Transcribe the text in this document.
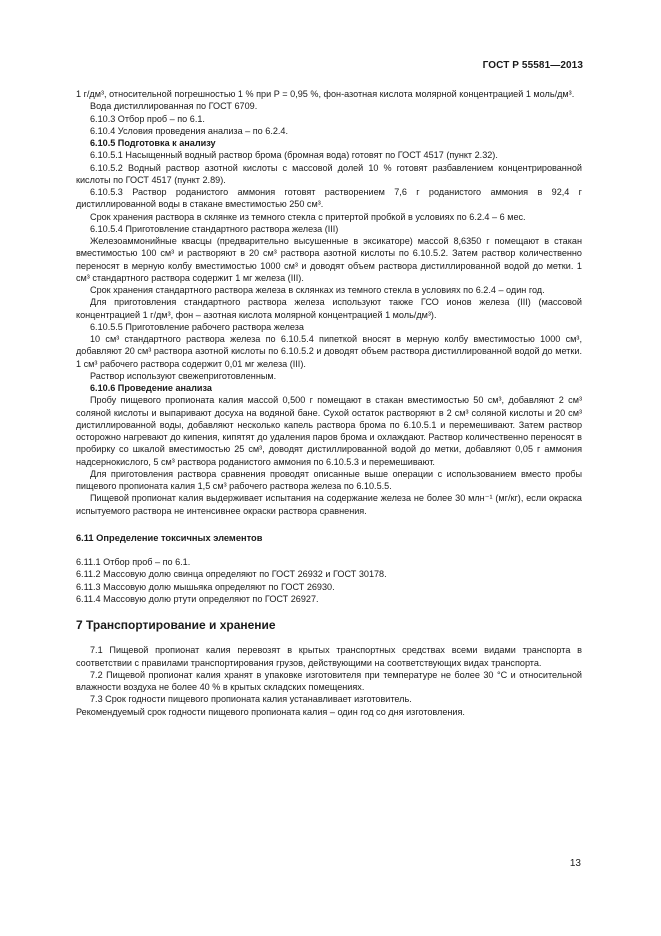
ГОСТ Р 55581—2013

1 г/дм³, относительной погрешностью 1 % при Р = 0,95 %, фон-азотная кислота молярной концентрацией 1 моль/дм³.

Вода дистиллированная по ГОСТ 6709.

6.10.3 Отбор проб – по 6.1.

6.10.4 Условия проведения анализа – по 6.2.4.

6.10.5 Подготовка к анализу

6.10.5.1 Насыщенный водный раствор брома (бромная вода) готовят по ГОСТ 4517 (пункт 2.32).

6.10.5.2 Водный раствор азотной кислоты с массовой долей 10 % готовят разбавлением концентрированной кислоты по ГОСТ 4517 (пункт 2.89).

6.10.5.3 Раствор роданистого аммония готовят растворением 7,6 г роданистого аммония в 92,4 г дистиллированной воды в стакане вместимостью 250 см³.

Срок хранения раствора в склянке из темного стекла с притертой пробкой в условиях по 6.2.4 – 6 мес.

6.10.5.4 Приготовление стандартного раствора железа (III)

Железоаммонийные квасцы (предварительно высушенные в эксикаторе) массой 8,6350 г помещают в стакан вместимостью 100 см³ и растворяют в 20 см³ раствора азотной кислоты по 6.10.5.2. Затем раствор количественно переносят в мерную колбу вместимостью 1000 см³ и доводят объем раствора дистиллированной водой до метки. 1 см³ стандартного раствора содержит 1 мг железа (III).

Срок хранения стандартного раствора железа в склянках из темного стекла в условиях по 6.2.4 – один год.

Для приготовления стандартного раствора железа используют также ГСО ионов железа (III) (массовой концентрацией 1 г/дм³, фон – азотная кислота молярной концентрацией 1 моль/дм³).

6.10.5.5 Приготовление рабочего раствора железа

10 см³ стандартного раствора железа по 6.10.5.4 пипеткой вносят в мерную колбу вместимостью 1000 см³, добавляют 20 см³ раствора азотной кислоты по 6.10.5.2 и доводят объем раствора дистиллированной водой до метки. 1 см³ рабочего раствора содержит 0,01 мг железа (III).

Раствор используют свежеприготовленным.

6.10.6 Проведение анализа

Пробу пищевого пропионата калия массой 0,500 г помещают в стакан вместимостью 50 см³, добавляют 2 см³ соляной кислоты и выпаривают досуха на водяной бане. Сухой остаток растворяют в 2 см³ соляной кислоты и 20 см³ дистиллированной воды, добавляют несколько капель раствора брома по 6.10.5.1 и перемешивают. Затем раствор осторожно нагревают до кипения, кипятят до удаления паров брома и охлаждают. Раствор количественно переносят в пробирку со шкалой вместимостью 25 см³, доводят дистиллированной водой до метки, добавляют 0,05 г аммония надсернокислого, 5 см³ раствора роданистого аммония по 6.10.5.3 и перемешивают.

Для приготовления раствора сравнения проводят описанные выше операции с использованием вместо пробы пищевого пропионата калия 1,5 см³ рабочего раствора железа по 6.10.5.5.

Пищевой пропионат калия выдерживает испытания на содержание железа не более 30 млн⁻¹ (мг/кг), если окраска испытуемого раствора не интенсивнее окраски раствора сравнения.

6.11 Определение токсичных элементов

6.11.1 Отбор проб – по 6.1.

6.11.2 Массовую долю свинца определяют по ГОСТ 26932 и ГОСТ 30178.

6.11.3 Массовую долю мышьяка определяют по ГОСТ 26930.

6.11.4 Массовую долю ртути определяют по ГОСТ 26927.

7 Транспортирование и хранение

7.1 Пищевой пропионат калия перевозят в крытых транспортных средствах всеми видами транспорта в соответствии с правилами транспортирования грузов, действующими на соответствующих видах транспорта.

7.2 Пищевой пропионат калия хранят в упаковке изготовителя при температуре не более 30 °С и относительной влажности воздуха не более 40 % в крытых складских помещениях.

7.3 Срок годности пищевого пропионата калия устанавливает изготовитель.

Рекомендуемый срок годности пищевого пропионата калия – один год со дня изготовления.

13
